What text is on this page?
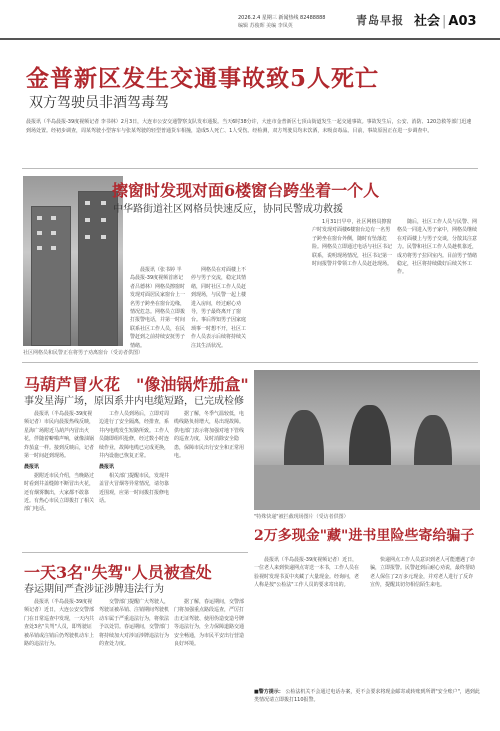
2026.2.4 星期三 新闻热线 82488888
编辑 苏俊晖 美编 李凤英	青岛早报 社会 | A03
金普新区发生交通事故致5人死亡
双方驾驶员非酒驾毒驾
晨报讯（半岛晨报-39度视频记者 李书林）2月3日，大连市公安交通警察支队发布通报。当天6时38分许，大连市金普新区七顶山街道发生一起交通事故。事故发生后，公安、消防、120急救等部门迅速到场处置。经初步调查，周某驾驶小型客车与张某驾驶的轻型普通货车相撞，造成5人死亡、1人受伤。经检测，双方驾驶员均未饮酒，未吸食毒品。目前，事故原因正在进一步调查中。
社区网格员和民警正在将男子劝离窗台（受访者供图）
擦窗时发现对面6楼窗台跨坐着一个人
中华路街道社区网格员快速反应，协同民警成功救援
晨报讯（张书婷 半岛晨报-39度视频首席记者吕德林）网格员擦窗时发现对面居民家窗台上一名男子跨坐在窗台边缘，情况危急。网格员立即拨打报警电话，并第一时间联系社区工作人员，在民警赶到之前持续安抚男子情绪。
网格员在对面楼上不停与男子交流，稳定其情绪，同时社区工作人员赶到现场，与民警一起上楼进入房间，经过耐心劝导，男子最终离开了窗台。事后得知男子因家庭琐事一时想不开，社区工作人员表示后续将持续关注其生活状况。
1月31日早中，社区网格员擦窗户时发现对面楼6楼窗台边有一名男子跨坐在窗台外侧，随时有坠落危险。网格员立即通过电话与社区书记联系，说明现场情况，社区书记第一时间报警并带领工作人员赶赴现场。
随后，社区工作人员与民警、网格员一同进入男子家中，网格员继续在对面楼上与男子交谈，分散其注意力。民警和社区工作人员趁机靠近，成功将男子拉回室内。目前男子情绪稳定，社区将持续做好后续关怀工作。
马葫芦冒火花　"像油锅炸茄盒"
事发星海广场，原因系井内电缆短路，已完成检修
晨报讯（半岛晨报-39度视频记者）市民向晨报热线反映，星海广场附近马葫芦内冒出火花，伴随着噼啪声响，就像油锅炸茄盒一样。接到反映后，记者第一时间赶到现场。
晨报讯
据附近市民介绍，当晚路过时看到井盖缝隙不断冒出火花，还有烟雾飘出，大家都不敢靠近。有热心市民立即拨打了相关部门电话。
工作人员到场后，立即对周边进行了安全隔离，经排查，系井内电缆发生短路所致。工作人员随即组织抢修，经过数小时连续作业，故障电缆已完成更换，井内设施已恢复正常。
晨报讯
相关部门提醒市民，发现井盖冒火冒烟等异常情况，请勿靠近围观，应第一时间拨打报修电话。
据了解，冬季气温较低，电缆线路负荷增大，易出现故障。供电部门表示将加强对地下管线的巡查力度，及时消除安全隐患，保障市民出行安全和正常用电。
"特殊快递"被拦截现场图片（受访者供图）
2万多现金"藏"进书里险些寄给骗子
晨报讯（半岛晨报-39度视频记者）近日，一位老人来到快递网点寄送一本书，工作人员在验视时发现书页中夹藏了大量现金。经询问，老人称是按"公检法"工作人员的要求寄出的。
快递网点工作人员意识到老人可能遭遇了诈骗，立即报警。民警赶到后耐心劝说，最终帮助老人保住了2万多元现金，并对老人进行了反诈宣传，提醒其切勿相信陌生来电。
一天3名"失驾"人员被查处
春运期间严查涉证涉牌违法行为
晨报讯（半岛晨报-39度视频记者）近日，大连公安交警部门在日常巡查中发现，一天内共查处3名"失驾"人员，即驾驶证被吊销或注销后仍驾驶机动车上路的违法行为。
交警部门提醒广大驾驶人，驾驶证被吊销、注销期间驾驶机动车属于严重违法行为，将依法予以处罚。春运期间，交警部门将持续加大对涉证涉牌违法行为的查处力度。
据了解，春运期间，交警部门将加强重点路段巡查，严厉打击无证驾驶、使用伪造变造号牌等违法行为，全力保障道路交通安全畅通，为市民平安出行营造良好环境。
■警方提示： 公检法机关不会通过电话办案，更不会要求将现金邮寄或转账到所谓"安全账户"，遇到此类情况请立即拨打110报警。
